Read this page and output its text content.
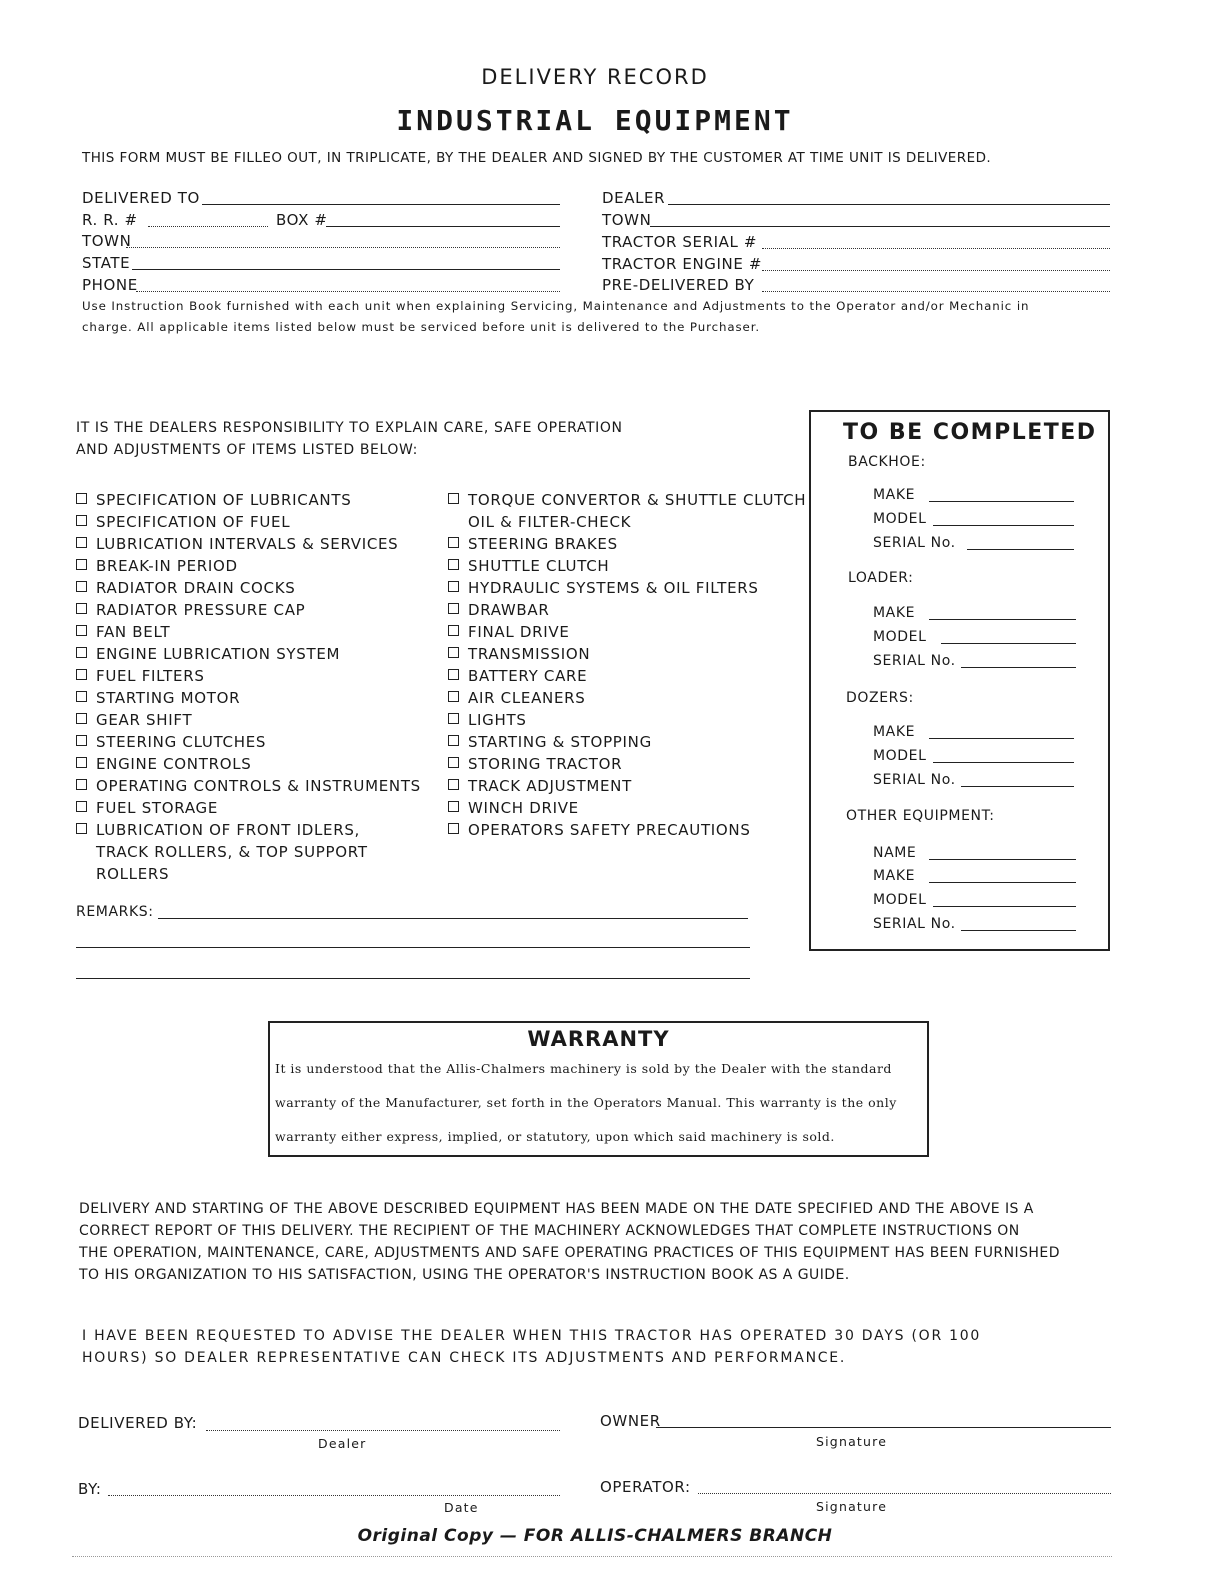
DELIVERY RECORD
INDUSTRIAL EQUIPMENT
THIS FORM MUST BE FILLEO OUT, IN TRIPLICATE, BY THE DEALER AND SIGNED BY THE CUSTOMER AT TIME UNIT IS DELIVERED.
DELIVERED TO
R. R. #	BOX #
TOWN
STATE
PHONE
DEALER
TOWN
TRACTOR SERIAL #
TRACTOR ENGINE #
PRE-DELIVERED BY
Use Instruction Book furnished with each unit when explaining Servicing, Maintenance and Adjustments to the Operator and/or Mechanic in
charge. All applicable items listed below must be serviced before unit is delivered to the Purchaser.
IT IS THE DEALERS RESPONSIBILITY TO EXPLAIN CARE, SAFE OPERATION
AND ADJUSTMENTS OF ITEMS LISTED BELOW:
SPECIFICATION OF LUBRICANTS
SPECIFICATION OF FUEL
LUBRICATION INTERVALS & SERVICES
BREAK-IN PERIOD
RADIATOR DRAIN COCKS
RADIATOR PRESSURE CAP
FAN BELT
ENGINE LUBRICATION SYSTEM
FUEL FILTERS
STARTING MOTOR
GEAR SHIFT
STEERING CLUTCHES
ENGINE CONTROLS
OPERATING CONTROLS & INSTRUMENTS
FUEL STORAGE
LUBRICATION OF FRONT IDLERS,
TRACK ROLLERS, & TOP SUPPORT
ROLLERS
TORQUE CONVERTOR & SHUTTLE CLUTCH
OIL & FILTER-CHECK
STEERING BRAKES
SHUTTLE CLUTCH
HYDRAULIC SYSTEMS & OIL FILTERS
DRAWBAR
FINAL DRIVE
TRANSMISSION
BATTERY CARE
AIR CLEANERS
LIGHTS
STARTING & STOPPING
STORING TRACTOR
TRACK ADJUSTMENT
WINCH DRIVE
OPERATORS SAFETY PRECAUTIONS
REMARKS:
TO BE COMPLETED
BACKHOE:
MAKE
MODEL
SERIAL No.
LOADER:
MAKE
MODEL
SERIAL No.
DOZERS:
MAKE
MODEL
SERIAL No.
OTHER EQUIPMENT:
NAME
MAKE
MODEL
SERIAL No.
WARRANTY
It is understood that the Allis-Chalmers machinery is sold by the Dealer with the standard
warranty of the Manufacturer, set forth in the Operators Manual. This warranty is the only
warranty either express, implied, or statutory, upon which said machinery is sold.
DELIVERY AND STARTING OF THE ABOVE DESCRIBED EQUIPMENT HAS BEEN MADE ON THE DATE SPECIFIED AND THE ABOVE IS A
CORRECT REPORT OF THIS DELIVERY. THE RECIPIENT OF THE MACHINERY ACKNOWLEDGES THAT COMPLETE INSTRUCTIONS ON
THE OPERATION, MAINTENANCE, CARE, ADJUSTMENTS AND SAFE OPERATING PRACTICES OF THIS EQUIPMENT HAS BEEN FURNISHED
TO HIS ORGANIZATION TO HIS SATISFACTION, USING THE OPERATOR'S INSTRUCTION BOOK AS A GUIDE.
I HAVE BEEN REQUESTED TO ADVISE THE DEALER WHEN THIS TRACTOR HAS OPERATED 30 DAYS (OR 100
HOURS) SO DEALER REPRESENTATIVE CAN CHECK ITS ADJUSTMENTS AND PERFORMANCE.
DELIVERED BY:
Dealer
OWNER
Signature
BY:
Date
OPERATOR:
Signature
Original Copy — FOR ALLIS-CHALMERS BRANCH
